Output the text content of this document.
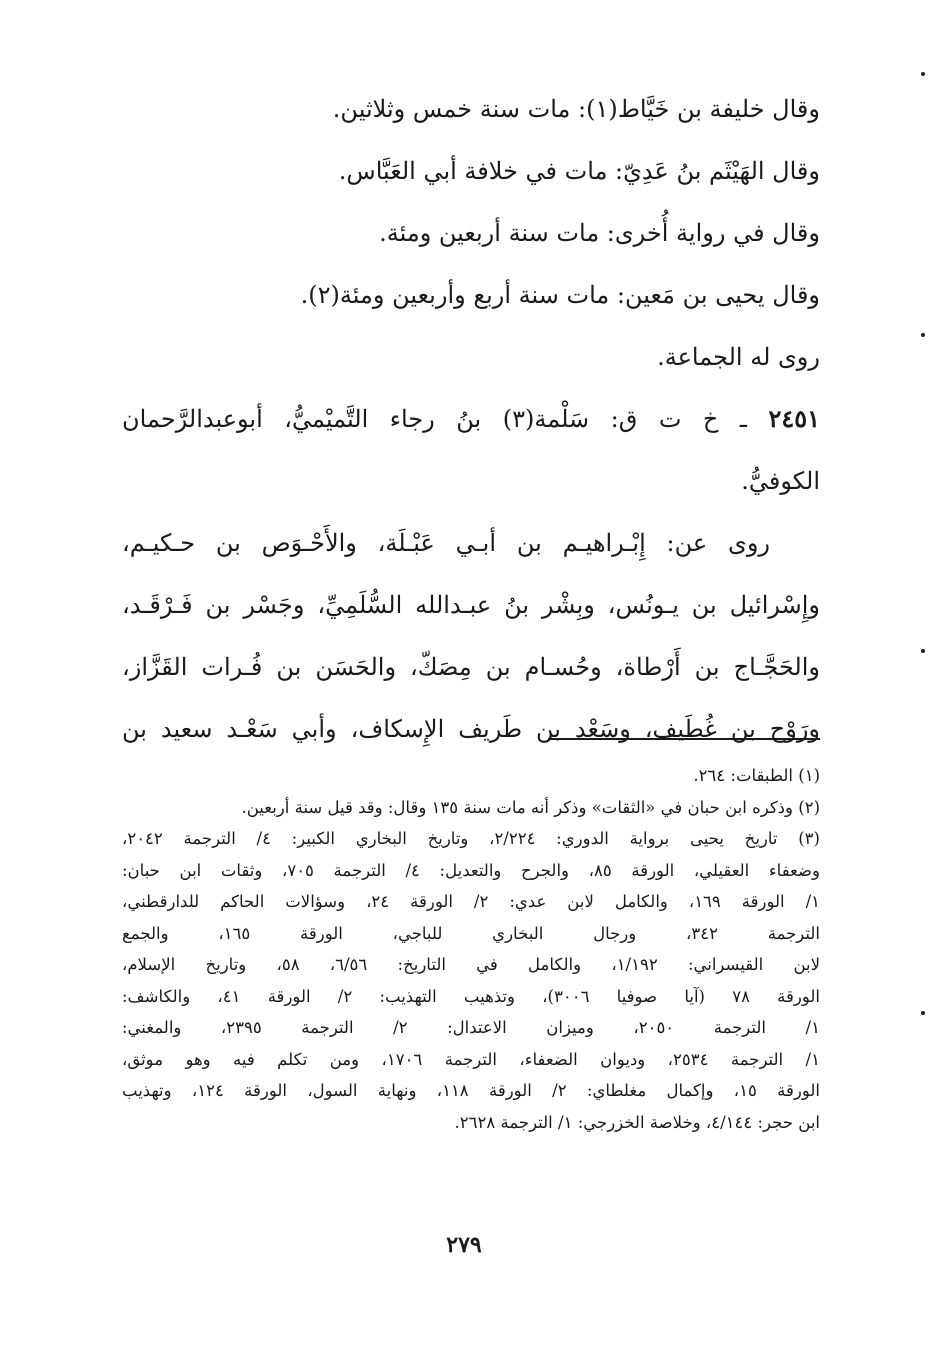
وقال خليفة بن خَيَّاط(١): مات سنة خمس وثلاثين.
وقال الهَيْثَم بنُ عَدِيّ: مات في خلافة أبي العَبَّاس.
وقال في رواية أُخرى: مات سنة أربعين ومئة.
وقال يحيى بن مَعين: مات سنة أربع وأربعين ومئة(٢).
روى له الجماعة.
٢٤٥١ ـ خ ت ق: سَلْمة(٣) بنُ رجاء التَّميْميُّ، أبوعبدالرَّحمان
الكوفيُّ.
روى عن: إِبْـراهيـم بن أبـي عَبْـلَة، والأَحْـوَص بن حـكيـم،
وإِسْرائيل بن يـونُس، وبِشْر بنُ عبـدالله السُّلَمِيِّ، وجَسْر بن فَـرْقَـد،
والحَجَّـاج بن أَرْطاة، وحُسـام بن مِصَكّ، والحَسَن بن فُـرات القَزَّاز،
ورَوْح بن غُطَيف، وسَعْد بن طَريف الإِسكاف، وأبي سَعْـد سعيد بن
(١) الطبقات: ٢٦٤.
(٢) وذكره ابن حبان في «الثقات» وذكر أنه مات سنة ١٣٥ وقال: وقد قيل سنة أربعين.
(٣) تاريخ يحيى برواية الدوري: ٢/٢٢٤، وتاريخ البخاري الكبير: ٤/ الترجمة ٢٠٤٢،
وضعفاء العقيلي، الورقة ٨٥، والجرح والتعديل: ٤/ الترجمة ٧٠٥، وثقات ابن حبان:
١/ الورقة ١٦٩، والكامل لابن عدي: ٢/ الورقة ٢٤، وسؤالات الحاكم للدارقطني،
الترجمة ٣٤٢، ورجال البخاري للباجي، الورقة ١٦٥، والجمع
لابن القيسراني: ١/١٩٢، والكامل في التاريخ: ٦/٥٦، ٥٨، وتاريخ الإسلام،
الورقة ٧٨ (آيا صوفيا ٣٠٠٦)، وتذهيب التهذيب: ٢/ الورقة ٤١، والكاشف:
١/ الترجمة ٢٠٥٠، وميزان الاعتدال: ٢/ الترجمة ٢٣٩٥، والمغني:
١/ الترجمة ٢٥٣٤، وديوان الضعفاء، الترجمة ١٧٠٦، ومن تكلم فيه وهو موثق،
الورقة ١٥، وإكمال مغلطاي: ٢/ الورقة ١١٨، ونهاية السول، الورقة ١٢٤، وتهذيب
ابن حجر: ٤/١٤٤، وخلاصة الخزرجي: ١/ الترجمة ٢٦٢٨.
٢٧٩
